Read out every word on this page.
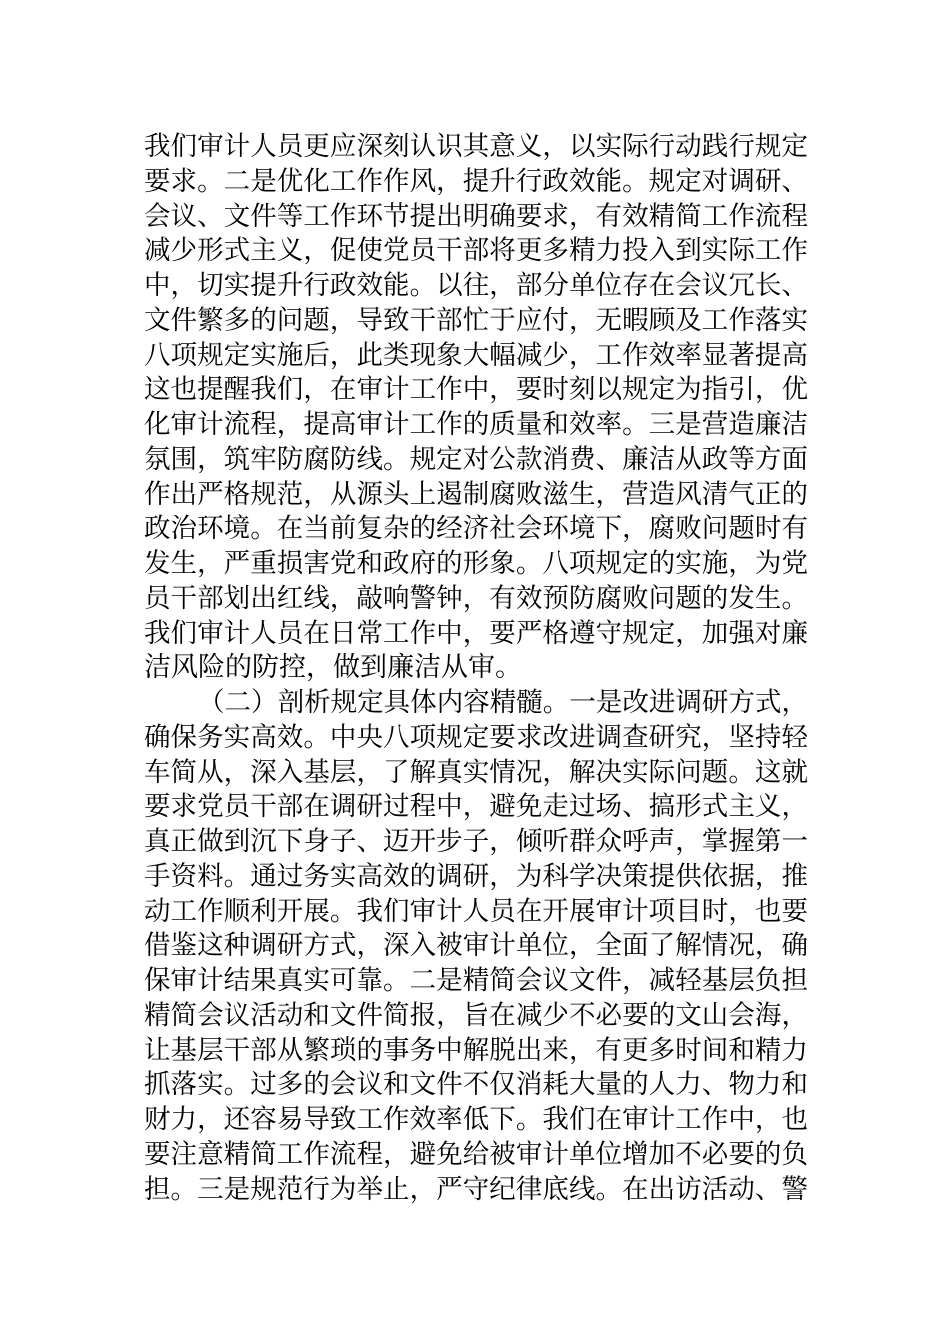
我们审计人员更应深刻认识其意义，以实际行动践行规定
要求。二是优化工作作风，提升行政效能。规定对调研、
会议、文件等工作环节提出明确要求，有效精简工作流程
减少形式主义，促使党员干部将更多精力投入到实际工作
中，切实提升行政效能。以往，部分单位存在会议冗长、
文件繁多的问题，导致干部忙于应付，无暇顾及工作落实
八项规定实施后，此类现象大幅减少，工作效率显著提高
这也提醒我们，在审计工作中，要时刻以规定为指引，优
化审计流程，提高审计工作的质量和效率。三是营造廉洁
氛围，筑牢防腐防线。规定对公款消费、廉洁从政等方面
作出严格规范，从源头上遏制腐败滋生，营造风清气正的
政治环境。在当前复杂的经济社会环境下，腐败问题时有
发生，严重损害党和政府的形象。八项规定的实施，为党
员干部划出红线，敲响警钟，有效预防腐败问题的发生。
我们审计人员在日常工作中，要严格遵守规定，加强对廉
洁风险的防控，做到廉洁从审。
（二）剖析规定具体内容精髓。一是改进调研方式，
确保务实高效。中央八项规定要求改进调查研究，坚持轻
车简从，深入基层，了解真实情况，解决实际问题。这就
要求党员干部在调研过程中，避免走过场、搞形式主义，
真正做到沉下身子、迈开步子，倾听群众呼声，掌握第一
手资料。通过务实高效的调研，为科学决策提供依据，推
动工作顺利开展。我们审计人员在开展审计项目时，也要
借鉴这种调研方式，深入被审计单位，全面了解情况，确
保审计结果真实可靠。二是精简会议文件，减轻基层负担
精简会议活动和文件简报，旨在减少不必要的文山会海，
让基层干部从繁琐的事务中解脱出来，有更多时间和精力
抓落实。过多的会议和文件不仅消耗大量的人力、物力和
财力，还容易导致工作效率低下。我们在审计工作中，也
要注意精简工作流程，避免给被审计单位增加不必要的负
担。三是规范行为举止，严守纪律底线。在出访活动、警
